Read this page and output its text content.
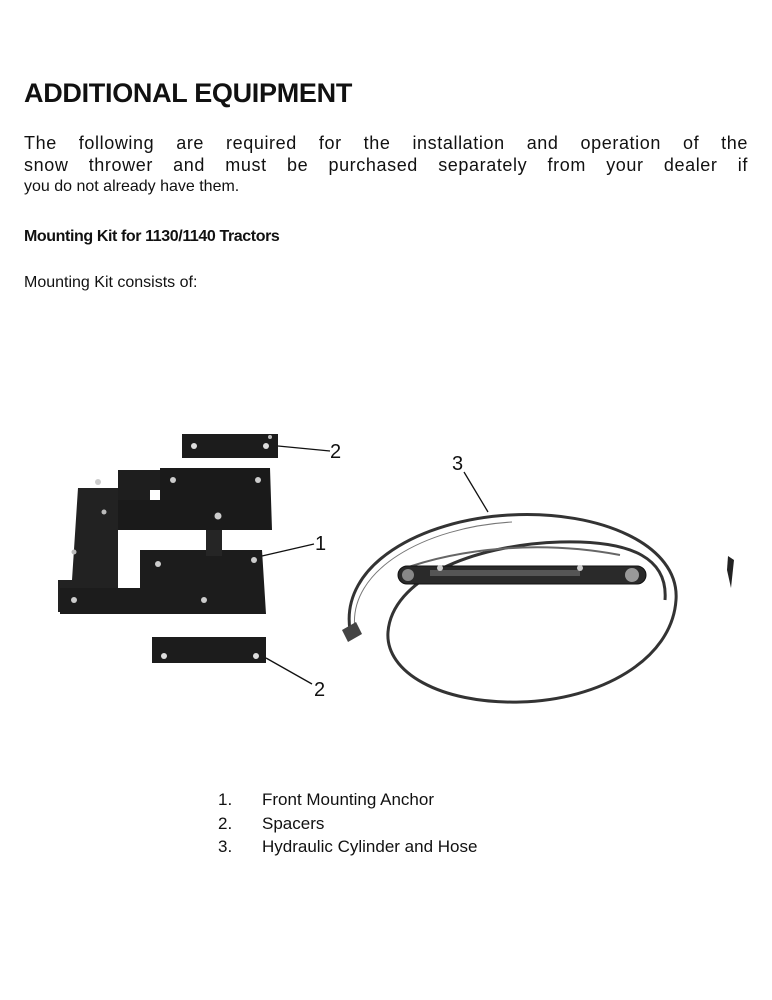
ADDITIONAL EQUIPMENT

The following are required for the installation and operation of the
snow thrower and must be purchased separately from your dealer if
you do not already have them.

Mounting Kit for 1130/1140 Tractors

Mounting Kit consists of:

2
1
2
3
1.	Front Mounting Anchor
2.	Spacers
3.	Hydraulic Cylinder and Hose
